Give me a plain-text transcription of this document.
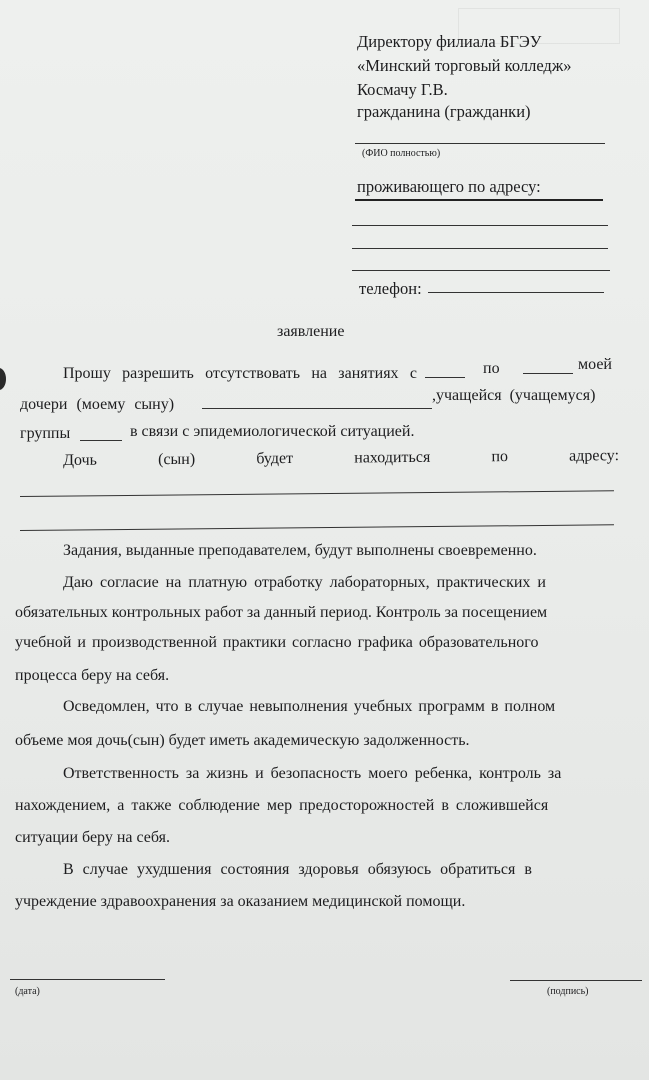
Директору филиала БГЭУ
«Минский торговый колледж»
Космачу Г.В.
гражданина (гражданки)
(ФИО полностью)
проживающего по адресу:
телефон:
заявление
Прошу разрешить отсутствовать на занятиях с	по	моей
дочери (моему сыну)
,учащейся (учащемуся)
группы	в связи с эпидемиологической ситуацией.
Дочь	(сын)	будет	находиться	по	адресу:
Задания, выданные преподавателем, будут выполнены своевременно.
Даю согласие на платную отработку лабораторных, практических и
обязательных контрольных работ за данный период. Контроль за посещением
учебной и производственной практики согласно графика образовательного
процесса беру на себя.
Осведомлен, что в случае невыполнения учебных программ в полном
объеме моя дочь(сын) будет иметь академическую задолженность.
Ответственность за жизнь и безопасность моего ребенка, контроль за
нахождением, а также соблюдение мер предосторожностей в сложившейся
ситуации беру на себя.
В случае ухудшения состояния здоровья обязуюсь обратиться в
учреждение здравоохранения за оказанием медицинской помощи.
(дата)	(подпись)
